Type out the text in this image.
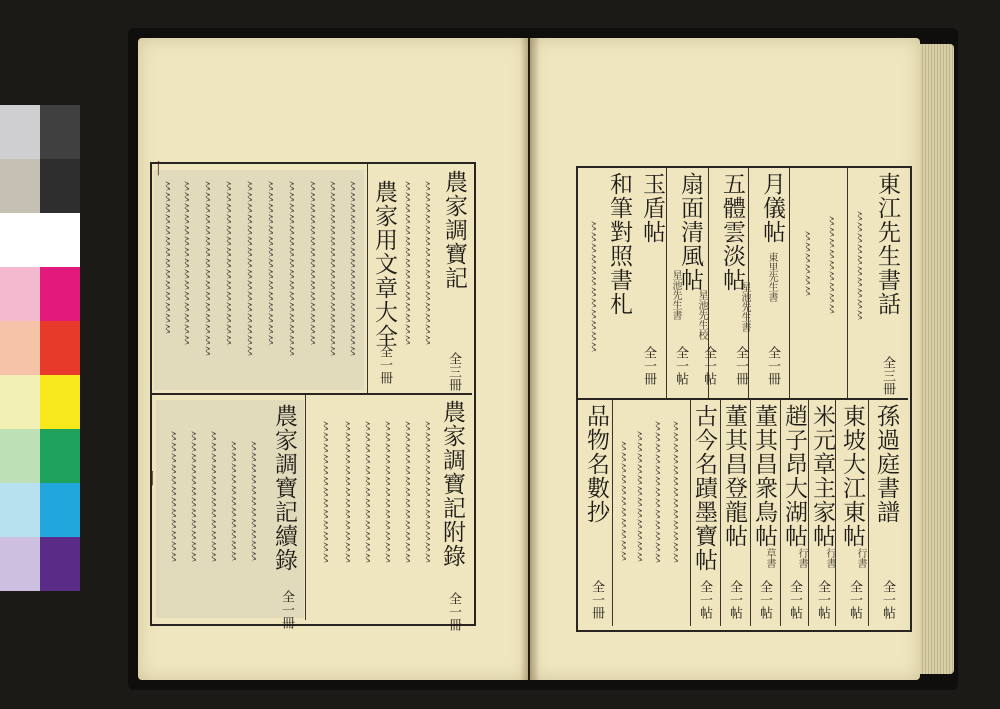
⼁
⼁
東江先生書話
全三冊
〻〻〻〻〻〻〻〻〻〻
〻〻〻〻〻〻〻〻〻
〻〻〻〻〻〻
月儀帖
東里先生書
全一冊
五體雲淡帖
星池先生書
全一冊
扇面清風帖
星池先生校
全一帖
玉盾帖
星池先生書
全一帖
和筆對照書札
全一冊
〻〻〻〻〻〻〻〻〻〻〻〻
孫過庭書譜
全一帖
東坡大江東帖
行書
全一帖
米元章主家帖
行書
全一帖
趙子昂大湖帖
行書
全一帖
董其昌衆鳥帖
草書
全一帖
董其昌登龍帖
全一帖
古今名蹟墨寶帖
全一帖
〻〻〻〻〻〻〻〻〻〻〻〻〻
〻〻〻〻〻〻〻〻〻〻〻〻〻
〻〻〻〻〻〻〻〻〻〻〻〻
〻〻〻〻〻〻〻〻〻〻〻
品物名數抄
全一冊
農家調寶記
全三冊
農家用文章大全
全一冊
農家調寶記附錄
全一冊
農家調寶記續錄
全一冊
〻〻〻〻〻〻〻〻〻〻〻〻〻〻〻
〻〻〻〻〻〻〻〻〻〻〻〻〻〻〻
〻〻〻〻〻〻〻〻〻〻〻〻〻〻〻〻
〻〻〻〻〻〻〻〻〻〻〻〻〻〻〻〻
〻〻〻〻〻〻〻〻〻〻〻〻〻〻〻
〻〻〻〻〻〻〻〻〻〻〻〻〻〻〻〻
〻〻〻〻〻〻〻〻〻〻〻〻〻〻〻
〻〻〻〻〻〻〻〻〻〻〻〻〻〻〻〻
〻〻〻〻〻〻〻〻〻〻〻〻〻〻〻
〻〻〻〻〻〻〻〻〻〻〻〻〻〻〻〻
〻〻〻〻〻〻〻〻〻〻〻〻〻〻〻
〻〻〻〻〻〻〻〻〻〻〻〻〻〻
〻〻〻〻〻〻〻〻〻〻〻〻〻
〻〻〻〻〻〻〻〻〻〻〻〻〻
〻〻〻〻〻〻〻〻〻〻〻〻〻
〻〻〻〻〻〻〻〻〻〻〻〻〻
〻〻〻〻〻〻〻〻〻〻〻〻〻
〻〻〻〻〻〻〻〻〻〻〻〻〻
〻〻〻〻〻〻〻〻〻〻〻
〻〻〻〻〻〻〻〻〻〻〻
〻〻〻〻〻〻〻〻〻〻〻〻
〻〻〻〻〻〻〻〻〻〻〻〻
〻〻〻〻〻〻〻〻〻〻〻〻
